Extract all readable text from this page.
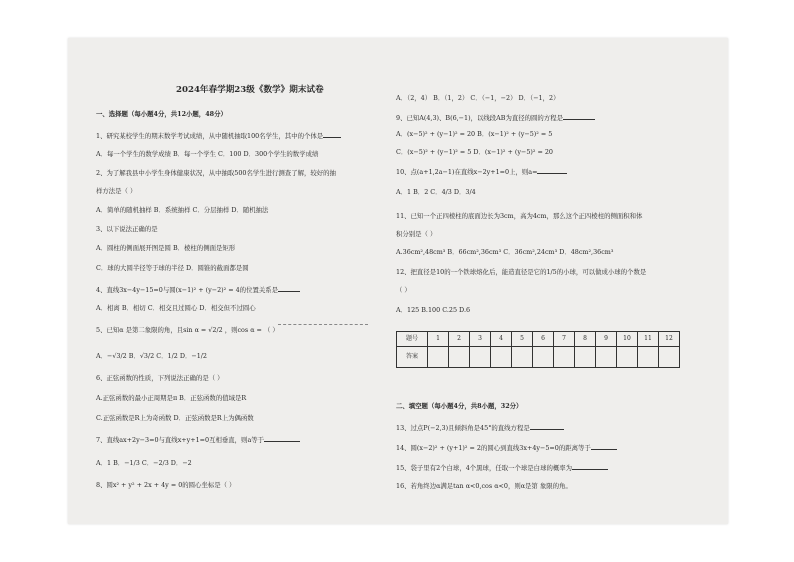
2024年春学期23级《数学》期末试卷
一、选择题（每小题4分，共12小题，48分）
1、研究某校学生的期末数学考试成绩，从中随机抽取100名学生，其中的个体是
A．每一个学生的数学成绩 B．每一个学生 C．100 D．300个学生的数学成绩
2、为了解我县中小学生身体健康状况，从中抽取500名学生进行测查了解，较好的抽
样方法是（ ）
A．简单的随机抽样 B．系统抽样 C．分层抽样 D．随机抽法
3、以下说法正确的是
A．圆柱的侧面展开图是圆 B．棱柱的侧面是矩形
C．球的大圆半径等于球的半径 D．圆锥的截面都是圆
4、直线3x−4y−15=0与圆(x−1)² + (y−2)² = 4的位置关系是
A．相离 B．相切 C．相交且过圆心 D．相交但不过圆心
5、已知α 是第二象限的角，且sin α = √2/2 ，则cos α = （ ）
A．−√3/2 B．√3/2 C．1/2 D．−1/2
6、正弦函数的性质，下列说法正确的是（ ）
A.正弦函数的最小正周期是π B．正弦函数的值域是R
C.正弦函数是R上为奇函数 D．正弦函数是R上为偶函数
7、直线ax+2y−3=0与直线x+y+1=0互相垂直，则a等于
A．1 B．−1/3 C．−2/3 D．−2
8、圆x² + y² + 2x + 4y = 0的圆心坐标是（ ）
A．（2，4） B．（1，2） C．（−1，−2） D．（−1，2）
9、已知A(4,3)、B(6,−1)，以线段AB为直径的圆的方程是
A．(x−5)² + (y−1)² = 20 B．(x−1)² + (y−5)² = 5
C．(x−5)² + (y−1)² = 5 D．(x−1)² + (y−5)² = 20
10、点(a+1,2a−1)在直线x−2y+1=0上，则a=
A．1 B．2 C．4/3 D．3/4
11、已知一个正四棱柱的底面边长为3cm，高为4cm，那么这个正四棱柱的侧面积和体
积分别是（ ）
A.36cm²,48cm³ B．66cm²,36cm³ C．36cm²,24cm³ D．48cm²,36cm³
12、把直径是10的一个铁球熔化后，能造直径是它的1/5的小球，可以做成小球的个数是
（ ）
A．125 B.100 C.25 D.6
题号	1	2	3	4	5	6	7	8	9	10	11	12
答案												
二、填空题（每小题4分，共8小题，32分）
13、过点P(−2,3)且倾斜角是45°的直线方程是
14、圆(x−2)² + (y+1)² = 2的圆心到直线3x+4y−5=0的距离等于
15、袋子里有2个白球，4个黑球，任取一个球是白球的概率为
16、若角终边α满足tan α<0,cos α<0，则α是第 象限的角。
